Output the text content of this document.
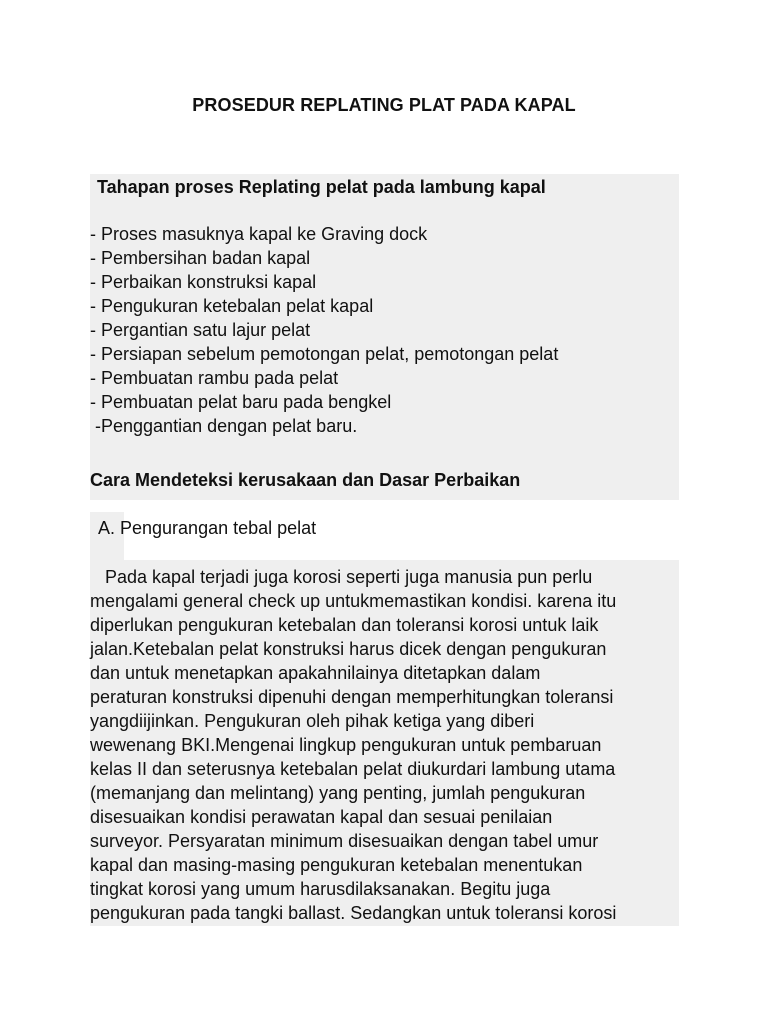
PROSEDUR REPLATING PLAT PADA KAPAL
Tahapan proses Replating pelat pada lambung kapal
- Proses masuknya kapal ke Graving dock
- Pembersihan badan kapal
- Perbaikan konstruksi kapal
- Pengukuran ketebalan pelat kapal
- Pergantian satu lajur pelat
- Persiapan sebelum pemotongan pelat, pemotongan pelat
- Pembuatan rambu pada pelat
- Pembuatan pelat baru pada bengkel
-Penggantian dengan pelat baru.
Cara Mendeteksi kerusakaan dan Dasar Perbaikan
A. Pengurangan tebal pelat
Pada kapal terjadi juga korosi seperti juga manusia pun perlu
mengalami general check up untukmemastikan kondisi. karena itu
diperlukan pengukuran ketebalan dan toleransi korosi untuk laik
jalan.Ketebalan pelat konstruksi harus dicek dengan pengukuran
dan untuk menetapkan apakahnilainya ditetapkan dalam
peraturan konstruksi dipenuhi dengan memperhitungkan toleransi
yangdiijinkan. Pengukuran oleh pihak ketiga yang diberi
wewenang BKI.Mengenai lingkup pengukuran untuk pembaruan
kelas II dan seterusnya ketebalan pelat diukurdari lambung utama
(memanjang dan melintang) yang penting, jumlah pengukuran
disesuaikan kondisi perawatan kapal dan sesuai penilaian
surveyor. Persyaratan minimum disesuaikan dengan tabel umur
kapal dan masing-masing pengukuran ketebalan menentukan
tingkat korosi yang umum harusdilaksanakan. Begitu juga
pengukuran pada tangki ballast. Sedangkan untuk toleransi korosi
